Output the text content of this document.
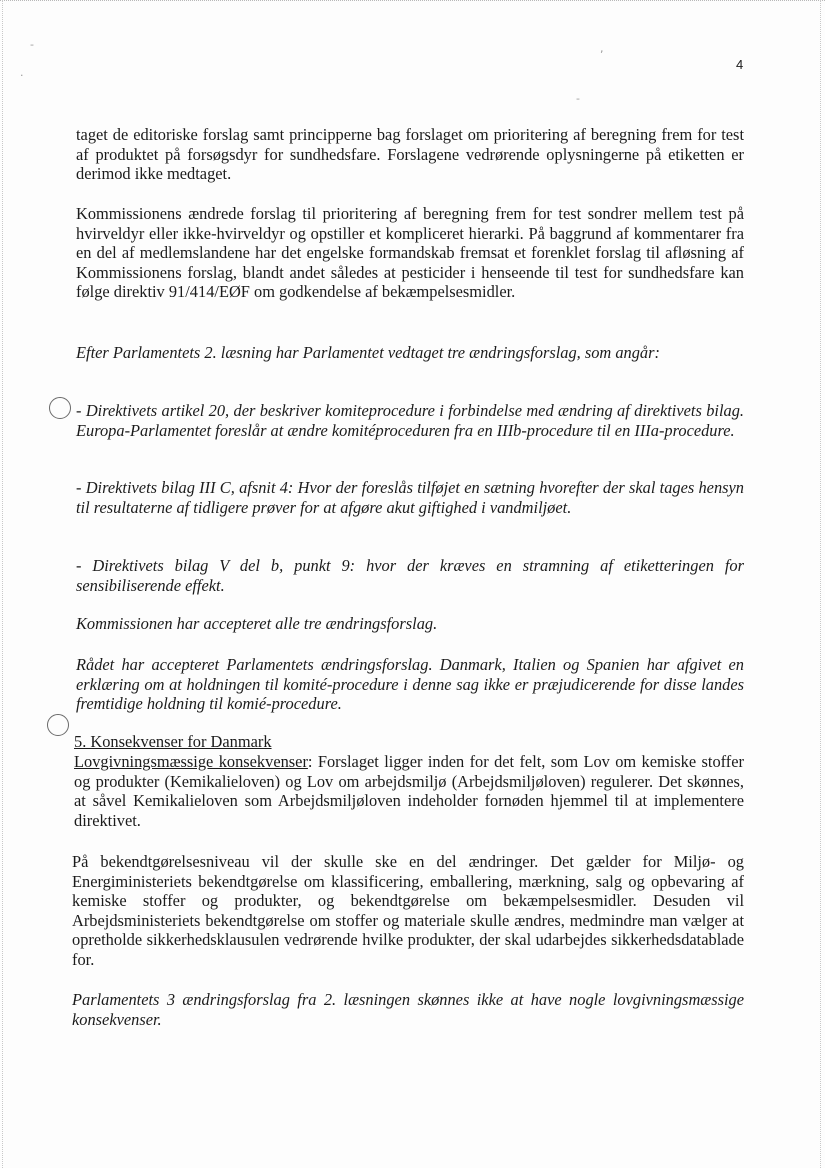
-
.
,
-
4

taget de editoriske forslag samt principperne bag forslaget om prioritering af beregning frem for test af produktet på forsøgsdyr for sundhedsfare. Forslagene vedrørende oplysningerne på etiketten er derimod ikke medtaget.

Kommissionens ændrede forslag til prioritering af beregning frem for test sondrer mellem test på hvirveldyr eller ikke-hvirveldyr og opstiller et kompliceret hierarki. På baggrund af kommentarer fra en del af medlemslandene har det engelske formandskab fremsat et forenklet forslag til afløsning af Kommissionens forslag, blandt andet således at pesticider i henseende til test for sundhedsfare kan følge direktiv 91/414/EØF om godkendelse af bekæmpelsesmidler.

Efter Parlamentets 2. læsning har Parlamentet vedtaget tre ændringsforslag, som angår:

- Direktivets artikel 20, der beskriver komiteprocedure i forbindelse med ændring af direktivets bilag. Europa-Parlamentet foreslår at ændre komitéproceduren fra en IIIb-procedure til en IIIa-procedure.

- Direktivets bilag III C, afsnit 4: Hvor der foreslås tilføjet en sætning hvorefter der skal tages hensyn til resultaterne af tidligere prøver for at afgøre akut giftighed i vandmiljøet.

- Direktivets bilag V del b, punkt 9: hvor der kræves en stramning af etiketteringen for sensibiliserende effekt.

Kommissionen har accepteret alle tre ændringsforslag.

Rådet har accepteret Parlamentets ændringsforslag. Danmark, Italien og Spanien har afgivet en erklæring om at holdningen til komité-procedure i denne sag ikke er præjudicerende for disse landes fremtidige holdning til komié-procedure.

5. Konsekvenser for Danmark

Lovgivningsmæssige konsekvenser: Forslaget ligger inden for det felt, som Lov om kemiske stoffer og produkter (Kemikalieloven) og Lov om arbejdsmiljø (Arbejdsmiljøloven) regulerer. Det skønnes, at såvel Kemikalieloven som Arbejdsmiljøloven indeholder fornøden hjemmel til at implementere direktivet.

På bekendtgørelsesniveau vil der skulle ske en del ændringer. Det gælder for Miljø- og Energiministeriets bekendtgørelse om klassificering, emballering, mærkning, salg og opbevaring af kemiske stoffer og produkter, og bekendtgørelse om bekæmpelsesmidler. Desuden vil Arbejdsministeriets bekendtgørelse om stoffer og materiale skulle ændres, medmindre man vælger at opretholde sikkerhedsklausulen vedrørende hvilke produkter, der skal udarbejdes sikkerhedsdatablade for.

Parlamentets 3 ændringsforslag fra 2. læsningen skønnes ikke at have nogle lovgivningsmæssige konsekvenser.
